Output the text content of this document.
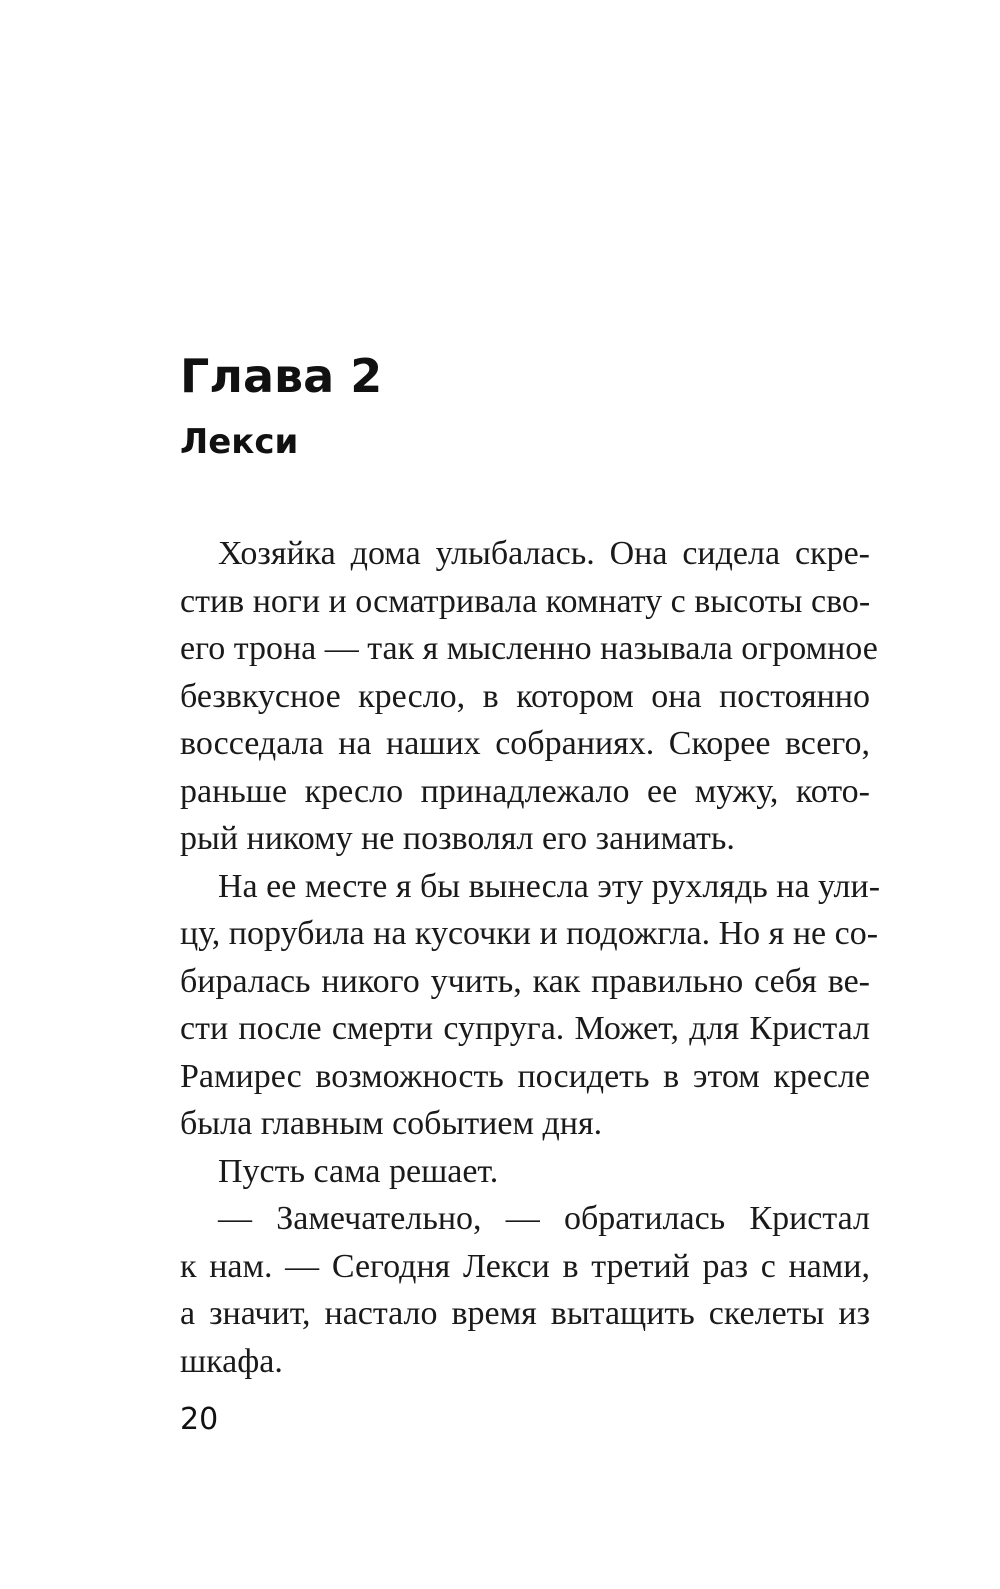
Глава 2
Лекси
Хозяйка дома улыбалась. Она сидела скре-
стив ноги и осматривала комнату с высоты сво-
его трона — так я мысленно называла огромное
безвкусное кресло, в котором она постоянно
восседала на наших собраниях. Скорее всего,
раньше кресло принадлежало ее мужу, кото-
рый никому не позволял его занимать.
На ее месте я бы вынесла эту рухлядь на ули-
цу, порубила на кусочки и подожгла. Но я не со-
биралась никого учить, как правильно себя ве-
сти после смерти супруга. Может, для Кристал
Рамирес возможность посидеть в этом кресле
была главным событием дня.
Пусть сама решает.
— Замечательно, — обратилась Кристал
к нам. — Сегодня Лекси в третий раз с нами,
а значит, настало время вытащить скелеты из
шкафа.
20
